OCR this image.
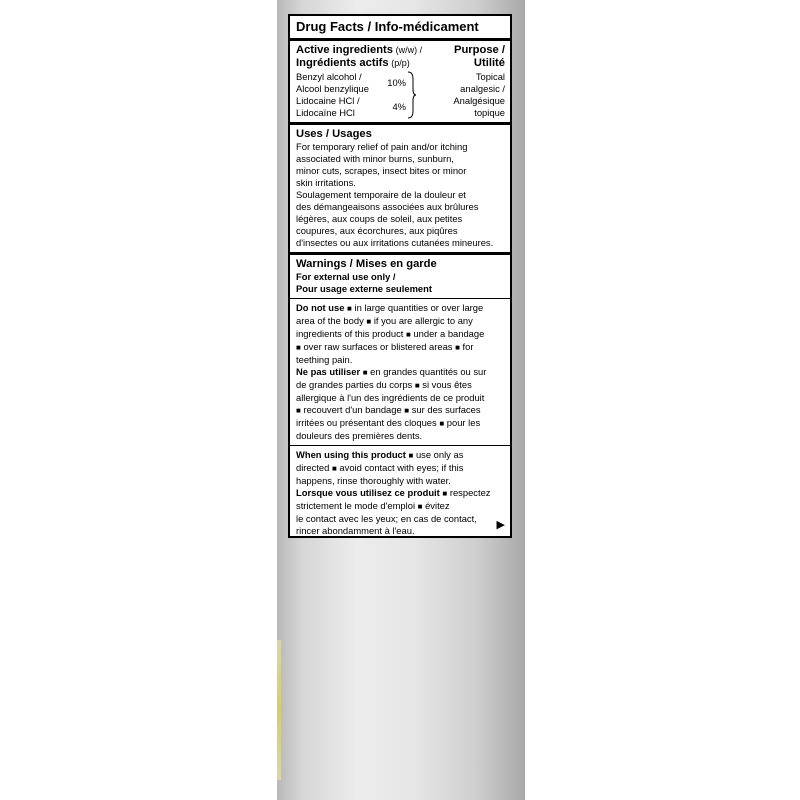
Drug Facts / Info-médicament
Active ingredients (w/w) /
Ingrédients actifs (p/p)
Purpose /
Utilité
Benzyl alcohol /
Alcool benzylique
Lidocaine HCl /
Lidocaïne HCl
10%
4%
Topical
analgesic /
Analgésique
topique
Uses / Usages
For temporary relief of pain and/or itching
associated with minor burns, sunburn,
minor cuts, scrapes, insect bites or minor
skin irritations.
Soulagement temporaire de la douleur et
des démangeaisons associées aux brûlures
légères, aux coups de soleil, aux petites
coupures, aux écorchures, aux piqûres
d'insectes ou aux irritations cutanées mineures.
Warnings / Mises en garde
For external use only /
Pour usage externe seulement
Do not use ■ in large quantities or over large
area of the body ■ if you are allergic to any
ingredients of this product ■ under a bandage
■ over raw surfaces or blistered areas ■ for
teething pain.
Ne pas utiliser ■ en grandes quantités ou sur
de grandes parties du corps ■ si vous êtes
allergique à l'un des ingrédients de ce produit
■ recouvert d'un bandage ■ sur des surfaces
irritées ou présentant des cloques ■ pour les
douleurs des premières dents.
When using this product ■ use only as
directed ■ avoid contact with eyes; if this
happens, rinse thoroughly with water.
Lorsque vous utilisez ce produit ■ respectez
strictement le mode d'emploi ■ évitez
le contact avec les yeux; en cas de contact,
rincer abondamment à l'eau.	▶
